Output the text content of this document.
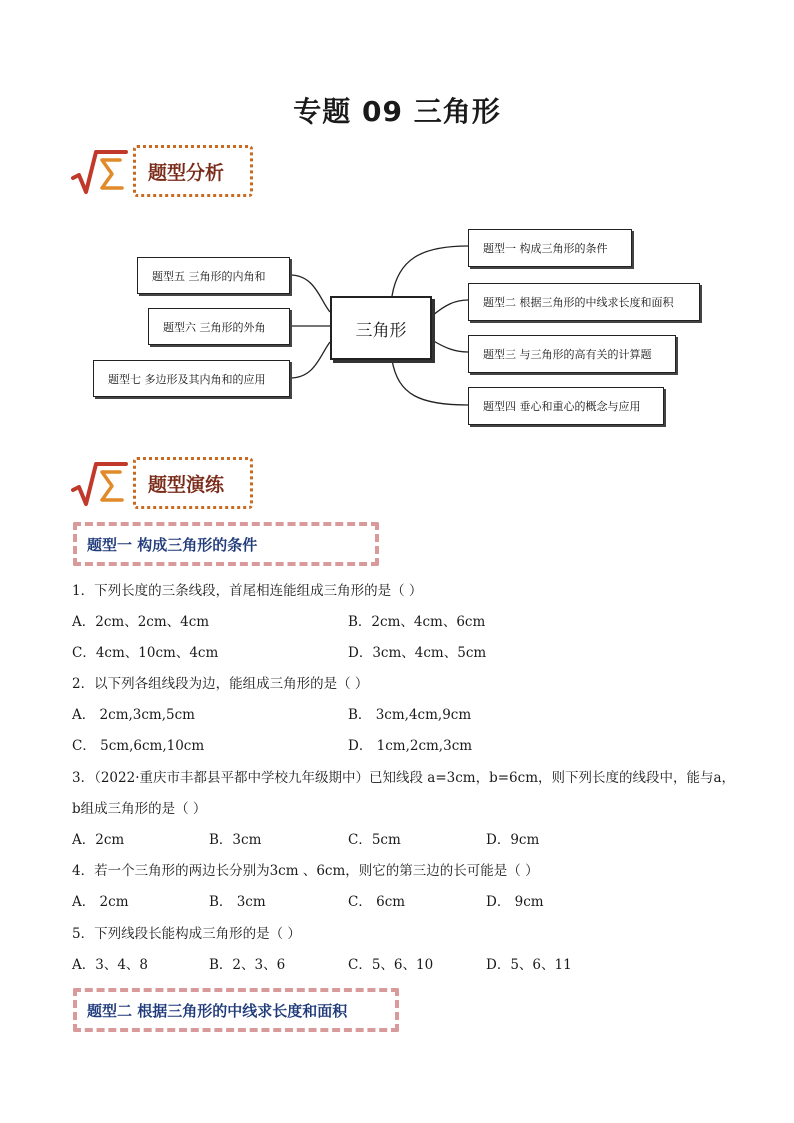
专题 09 三角形
题型分析
三角形
题型一 构成三角形的条件
题型二 根据三角形的中线求长度和面积
题型三 与三角形的高有关的计算题
题型四 垂心和重心的概念与应用
题型五 三角形的内角和
题型六 三角形的外角
题型七 多边形及其内角和的应用
题型演练
题型一 构成三角形的条件
1．下列长度的三条线段，首尾相连能组成三角形的是（ ）
A．2cm、2cm、4cm	B．2cm、4cm、6cm
C．4cm、10cm、4cm	D．3cm、4cm、5cm
2．以下列各组线段为边，能组成三角形的是（ ）
A． 2cm,3cm,5cm	B． 3cm,4cm,9cm
C． 5cm,6cm,10cm	D． 1cm,2cm,3cm
3．（2022·重庆市丰都县平都中学校九年级期中）已知线段 a=3cm，b=6cm，则下列长度的线段中，能与a，
b组成三角形的是（ ）
A．2cm	B．3cm	C．5cm	D．9cm
4．若一个三角形的两边长分别为3cm 、6cm，则它的第三边的长可能是（ ）
A． 2cm	B． 3cm	C． 6cm	D． 9cm
5．下列线段长能构成三角形的是（ ）
A．3、4、8	B．2、3、6	C．5、6、10	D．5、6、11
题型二 根据三角形的中线求长度和面积
